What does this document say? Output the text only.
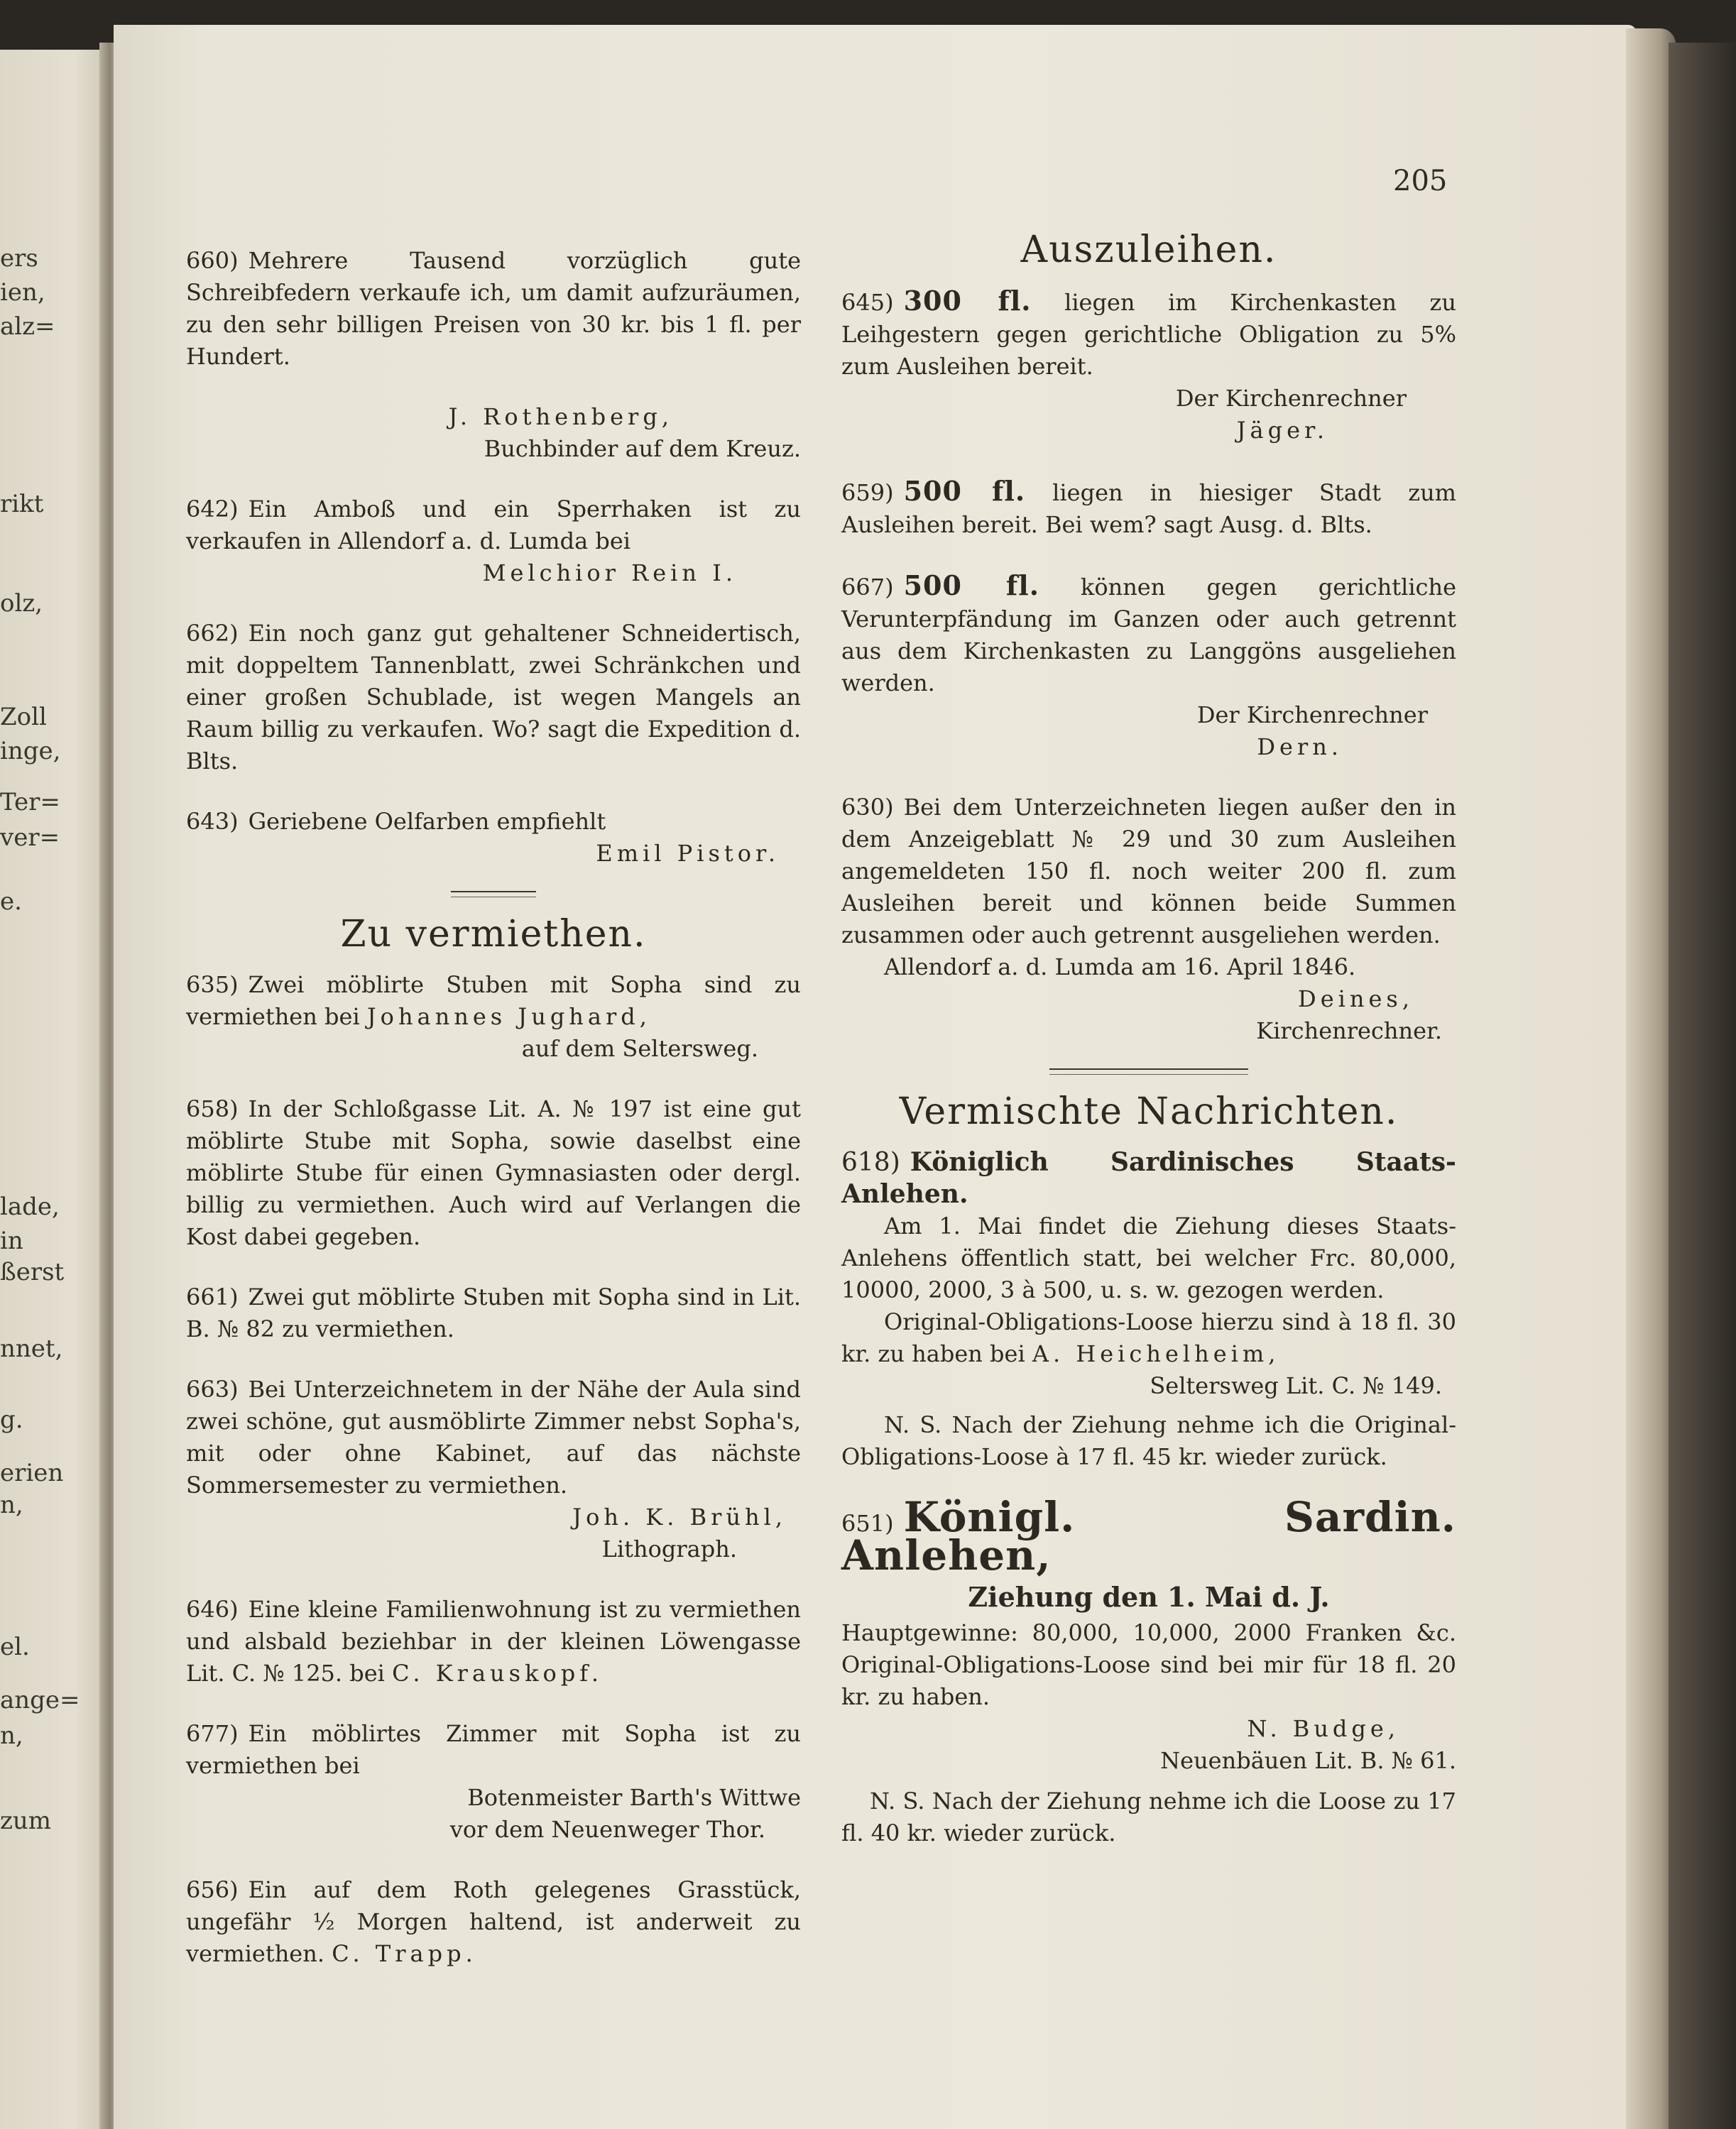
205

660) Mehrere Tausend vorzüglich gute Schreibfedern verkaufe ich, um damit aufzuräumen, zu den sehr billigen Preisen von 30 kr. bis 1 fl. per Hundert.

J. Rothenberg,

Buchbinder auf dem Kreuz.

642) Ein Amboß und ein Sperrhaken ist zu verkaufen in Allendorf a. d. Lumda bei

Melchior Rein I.

662) Ein noch ganz gut gehaltener Schneidertisch, mit doppeltem Tannenblatt, zwei Schränkchen und einer großen Schublade, ist wegen Mangels an Raum billig zu verkaufen. Wo? sagt die Expedition d. Blts.

643) Geriebene Oelfarben empfiehlt

Emil Pistor.

Zu vermiethen.

635) Zwei möblirte Stuben mit Sopha sind zu vermiethen bei Johannes Jughard,

auf dem Seltersweg.

658) In der Schloßgasse Lit. A. № 197 ist eine gut möblirte Stube mit Sopha, sowie daselbst eine möblirte Stube für einen Gymnasiasten oder dergl. billig zu vermiethen. Auch wird auf Verlangen die Kost dabei gegeben.

661) Zwei gut möblirte Stuben mit Sopha sind in Lit. B. № 82 zu vermiethen.

663) Bei Unterzeichnetem in der Nähe der Aula sind zwei schöne, gut ausmöblirte Zimmer nebst Sopha's, mit oder ohne Kabinet, auf das nächste Sommersemester zu vermiethen.

Joh. K. Brühl,

Lithograph.

646) Eine kleine Familienwohnung ist zu vermiethen und alsbald beziehbar in der kleinen Löwengasse Lit. C. № 125. bei C. Krauskopf.

677) Ein möblirtes Zimmer mit Sopha ist zu vermiethen bei

Botenmeister Barth's Wittwe

vor dem Neuenweger Thor.

656) Ein auf dem Roth gelegenes Grasstück, ungefähr ½ Morgen haltend, ist anderweit zu vermiethen. C. Trapp.

Auszuleihen.

645) 300 fl. liegen im Kirchenkasten zu Leihgestern gegen gerichtliche Obligation zu 5% zum Ausleihen bereit.

Der Kirchenrechner

Jäger.

659) 500 fl. liegen in hiesiger Stadt zum Ausleihen bereit. Bei wem? sagt Ausg. d. Blts.

667) 500 fl. können gegen gerichtliche Verunterpfändung im Ganzen oder auch getrennt aus dem Kirchenkasten zu Langgöns ausgeliehen werden.

Der Kirchenrechner

Dern.

630) Bei dem Unterzeichneten liegen außer den in dem Anzeigeblatt № 29 und 30 zum Ausleihen angemeldeten 150 fl. noch weiter 200 fl. zum Ausleihen bereit und können beide Summen zusammen oder auch getrennt ausgeliehen werden.

Allendorf a. d. Lumda am 16. April 1846.

Deines,

Kirchenrechner.

Vermischte Nachrichten.

618) Königlich Sardinisches Staats-Anlehen.

Am 1. Mai findet die Ziehung dieses Staats-Anlehens öffentlich statt, bei welcher Frc. 80,000, 10000, 2000, 3 à 500, u. s. w. gezogen werden.

Original-Obligations-Loose hierzu sind à 18 fl. 30 kr. zu haben bei A. Heichelheim,

Seltersweg Lit. C. № 149.

N. S. Nach der Ziehung nehme ich die Original-Obligations-Loose à 17 fl. 45 kr. wieder zurück.

651) Königl. Sardin. Anlehen,

Ziehung den 1. Mai d. J.

Hauptgewinne: 80,000, 10,000, 2000 Franken &c. Original-Obligations-Loose sind bei mir für 18 fl. 20 kr. zu haben.

N. Budge,

Neuenbäuen Lit. B. № 61.

N. S. Nach der Ziehung nehme ich die Loose zu 17 fl. 40 kr. wieder zurück.

ers
ien,
alz=
rikt
olz,
Zoll
inge,
Ter=
ver=
e.
lade,
in
ßerst
nnet,
g.
erien
n,
el.
ange=
n,
zum
